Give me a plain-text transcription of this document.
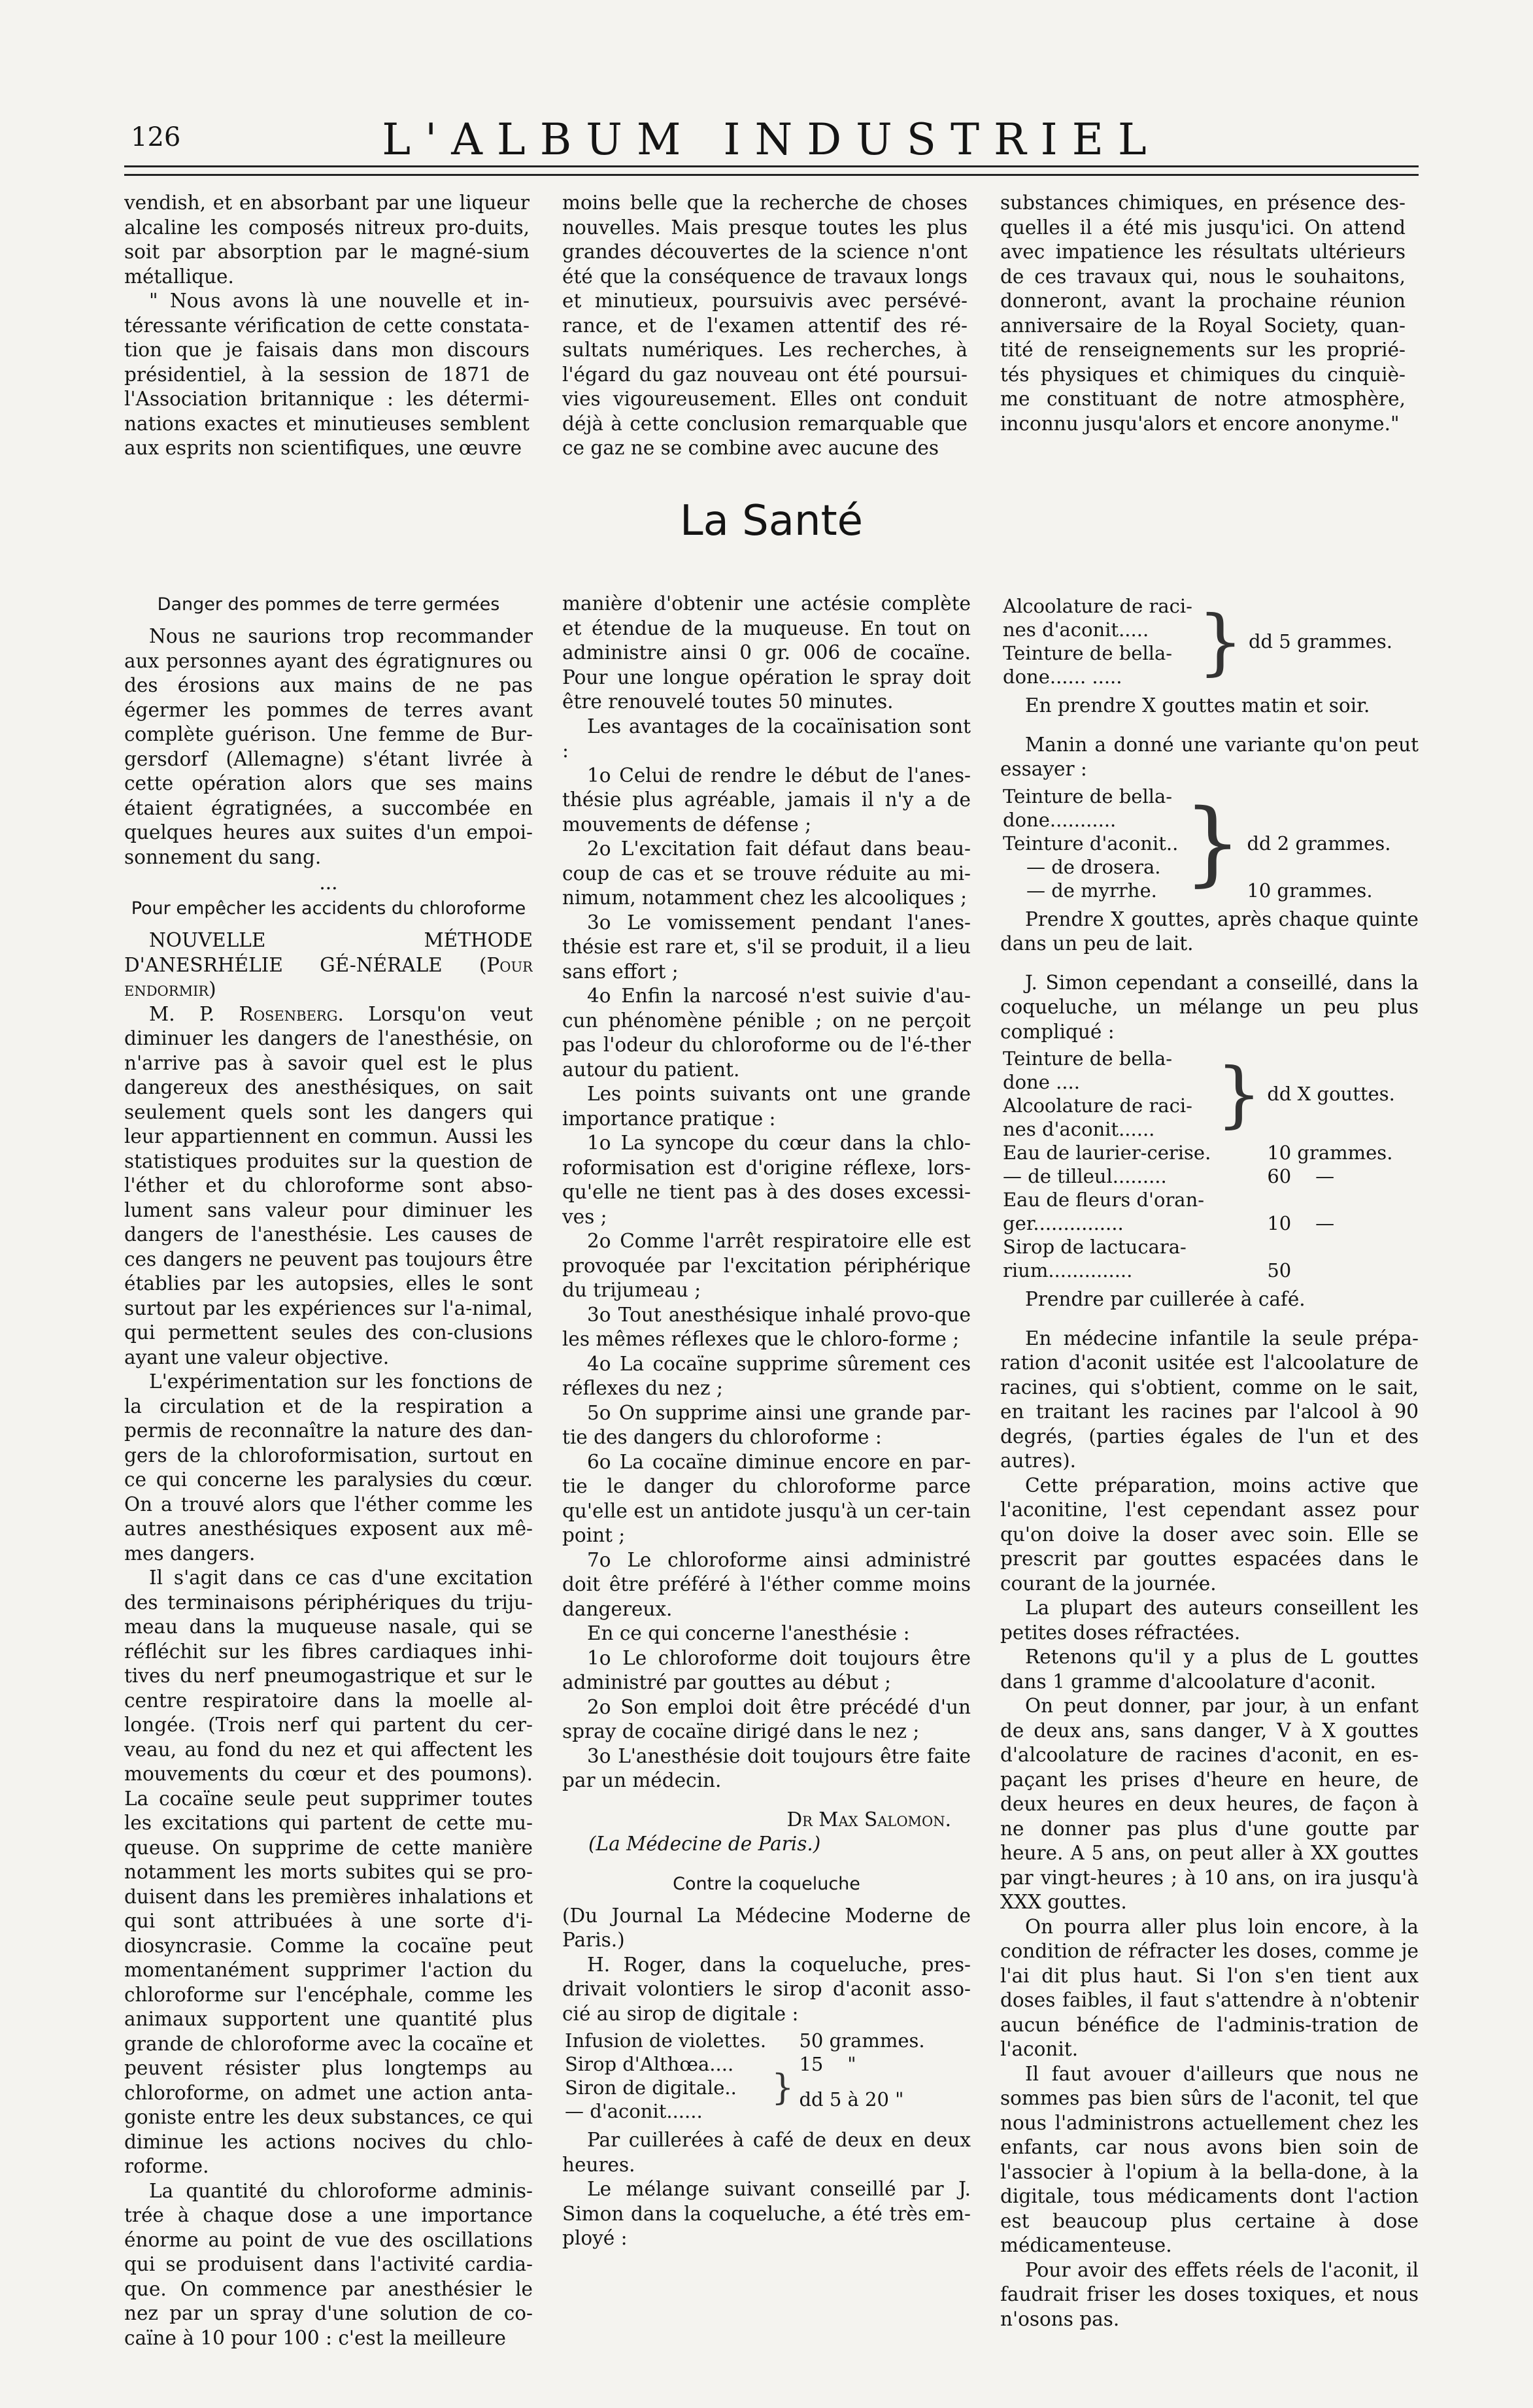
126	L'ALBUM INDUSTRIEL

vendish, et en absorbant par une liqueur alcaline les composés nitreux pro-duits, soit par absorption par le magné-sium métallique.

" Nous avons là une nouvelle et in-téressante vérification de cette constata-tion que je faisais dans mon discours présidentiel, à la session de 1871 de l'Association britannique : les détermi-nations exactes et minutieuses semblent aux esprits non scientifiques, une œuvre

moins belle que la recherche de choses nouvelles. Mais presque toutes les plus grandes découvertes de la science n'ont été que la conséquence de travaux longs et minutieux, poursuivis avec persévé-rance, et de l'examen attentif des ré-sultats numériques. Les recherches, à l'égard du gaz nouveau ont été poursui-vies vigoureusement. Elles ont conduit déjà à cette conclusion remarquable que ce gaz ne se combine avec aucune des

substances chimiques, en présence des-quelles il a été mis jusqu'ici. On attend avec impatience les résultats ultérieurs de ces travaux qui, nous le souhaitons, donneront, avant la prochaine réunion anniversaire de la Royal Society, quan-tité de renseignements sur les proprié-tés physiques et chimiques du cinquiè-me constituant de notre atmosphère, inconnu jusqu'alors et encore anonyme."

La Santé
Danger des pommes de terre germées

Nous ne saurions trop recommander aux personnes ayant des égratignures ou des érosions aux mains de ne pas égermer les pommes de terres avant complète guérison. Une femme de Bur-gersdorf (Allemagne) s'étant livrée à cette opération alors que ses mains étaient égratignées, a succombée en quelques heures aux suites d'un empoi-sonnement du sang.

...
Pour empêcher les accidents du chloroforme

NOUVELLE MÉTHODE D'ANESRHÉLIE GÉ-NÉRALE (Pour endormir)

M. P. Rosenberg. Lorsqu'on veut diminuer les dangers de l'anesthésie, on n'arrive pas à savoir quel est le plus dangereux des anesthésiques, on sait seulement quels sont les dangers qui leur appartiennent en commun. Aussi les statistiques produites sur la question de l'éther et du chloroforme sont abso-lument sans valeur pour diminuer les dangers de l'anesthésie. Les causes de ces dangers ne peuvent pas toujours être établies par les autopsies, elles le sont surtout par les expériences sur l'a-nimal, qui permettent seules des con-clusions ayant une valeur objective.

L'expérimentation sur les fonctions de la circulation et de la respiration a permis de reconnaître la nature des dan-gers de la chloroformisation, surtout en ce qui concerne les paralysies du cœur. On a trouvé alors que l'éther comme les autres anesthésiques exposent aux mê-mes dangers.

Il s'agit dans ce cas d'une excitation des terminaisons périphériques du triju-meau dans la muqueuse nasale, qui se réfléchit sur les fibres cardiaques inhi-tives du nerf pneumogastrique et sur le centre respiratoire dans la moelle al-longée. (Trois nerf qui partent du cer-veau, au fond du nez et qui affectent les mouvements du cœur et des poumons). La cocaïne seule peut supprimer toutes les excitations qui partent de cette mu-queuse. On supprime de cette manière notamment les morts subites qui se pro-duisent dans les premières inhalations et qui sont attribuées à une sorte d'i-diosyncrasie. Comme la cocaïne peut momentanément supprimer l'action du chloroforme sur l'encéphale, comme les animaux supportent une quantité plus grande de chloroforme avec la cocaïne et peuvent résister plus longtemps au chloroforme, on admet une action anta-goniste entre les deux substances, ce qui diminue les actions nocives du chlo-roforme.

La quantité du chloroforme adminis-trée à chaque dose a une importance énorme au point de vue des oscillations qui se produisent dans l'activité cardia-que. On commence par anesthésier le nez par un spray d'une solution de co-caïne à 10 pour 100 : c'est la meilleure

manière d'obtenir une actésie complète et étendue de la muqueuse. En tout on administre ainsi 0 gr. 006 de cocaïne. Pour une longue opération le spray doit être renouvelé toutes 50 minutes.

Les avantages de la cocaïnisation sont :

1o Celui de rendre le début de l'anes-thésie plus agréable, jamais il n'y a de mouvements de défense ;

2o L'excitation fait défaut dans beau-coup de cas et se trouve réduite au mi-nimum, notamment chez les alcooliques ;

3o Le vomissement pendant l'anes-thésie est rare et, s'il se produit, il a lieu sans effort ;

4o Enfin la narcosé n'est suivie d'au-cun phénomène pénible ; on ne perçoit pas l'odeur du chloroforme ou de l'é-ther autour du patient.

Les points suivants ont une grande importance pratique :

1o La syncope du cœur dans la chlo-roformisation est d'origine réflexe, lors-qu'elle ne tient pas à des doses excessi-ves ;

2o Comme l'arrêt respiratoire elle est provoquée par l'excitation périphérique du trijumeau ;

3o Tout anesthésique inhalé provo-que les mêmes réflexes que le chloro-forme ;

4o La cocaïne supprime sûrement ces réflexes du nez ;

5o On supprime ainsi une grande par-tie des dangers du chloroforme :

6o La cocaïne diminue encore en par-tie le danger du chloroforme parce qu'elle est un antidote jusqu'à un cer-tain point ;

7o Le chloroforme ainsi administré doit être préféré à l'éther comme moins dangereux.

En ce qui concerne l'anesthésie :

1o Le chloroforme doit toujours être administré par gouttes au début ;

2o Son emploi doit être précédé d'un spray de cocaïne dirigé dans le nez ;

3o L'anesthésie doit toujours être faite par un médecin.

Dr Max Salomon.
(La Médecine de Paris.)
Contre la coqueluche

(Du Journal La Médecine Moderne de Paris.)

H. Roger, dans la coqueluche, pres-drivait volontiers le sirop d'aconit asso-cié au sirop de digitale :

Infusion de violettes.		50 grammes.
Sirop d'Althœa....		15 "
Siron de digitale..	}	dd 5 à 20 "
— d'aconit......		

Par cuillerées à café de deux en deux heures.

Le mélange suivant conseillé par J. Simon dans la coqueluche, a été très em-ployé :

Alcoolature de raci-	}	dd 5 grammes.
nes d'aconit.....
Teinture de bella-
done...... .....

En prendre X gouttes matin et soir.

Manin a donné une variante qu'on peut essayer :

Teinture de bella-	}	
done...........		
Teinture d'aconit..		dd 2 grammes.
— de drosera.		
— de myrrhe.		10 grammes.

Prendre X gouttes, après chaque quinte dans un peu de lait.

J. Simon cependant a conseillé, dans la coqueluche, un mélange un peu plus compliqué :

Teinture de bella-	}	dd X gouttes.
done ....		
Alcoolature de raci-		
nes d'aconit......		
Eau de laurier-cerise.		10 grammes.
— de tilleul.........		60 —
Eau de fleurs d'oran-		
ger...............		10 —
Sirop de lactucara-		
rium..............		50

Prendre par cuillerée à café.

En médecine infantile la seule prépa-ration d'aconit usitée est l'alcoolature de racines, qui s'obtient, comme on le sait, en traitant les racines par l'alcool à 90 degrés, (parties égales de l'un et des autres).

Cette préparation, moins active que l'aconitine, l'est cependant assez pour qu'on doive la doser avec soin. Elle se prescrit par gouttes espacées dans le courant de la journée.

La plupart des auteurs conseillent les petites doses réfractées.

Retenons qu'il y a plus de L gouttes dans 1 gramme d'alcoolature d'aconit.

On peut donner, par jour, à un enfant de deux ans, sans danger, V à X gouttes d'alcoolature de racines d'aconit, en es-paçant les prises d'heure en heure, de deux heures en deux heures, de façon à ne donner pas plus d'une goutte par heure. A 5 ans, on peut aller à XX gouttes par vingt-heures ; à 10 ans, on ira jusqu'à XXX gouttes.

On pourra aller plus loin encore, à la condition de réfracter les doses, comme je l'ai dit plus haut. Si l'on s'en tient aux doses faibles, il faut s'attendre à n'obtenir aucun bénéfice de l'adminis-tration de l'aconit.

Il faut avouer d'ailleurs que nous ne sommes pas bien sûrs de l'aconit, tel que nous l'administrons actuellement chez les enfants, car nous avons bien soin de l'associer à l'opium à la bella-done, à la digitale, tous médicaments dont l'action est beaucoup plus certaine à dose médicamenteuse.

Pour avoir des effets réels de l'aconit, il faudrait friser les doses toxiques, et nous n'osons pas.
